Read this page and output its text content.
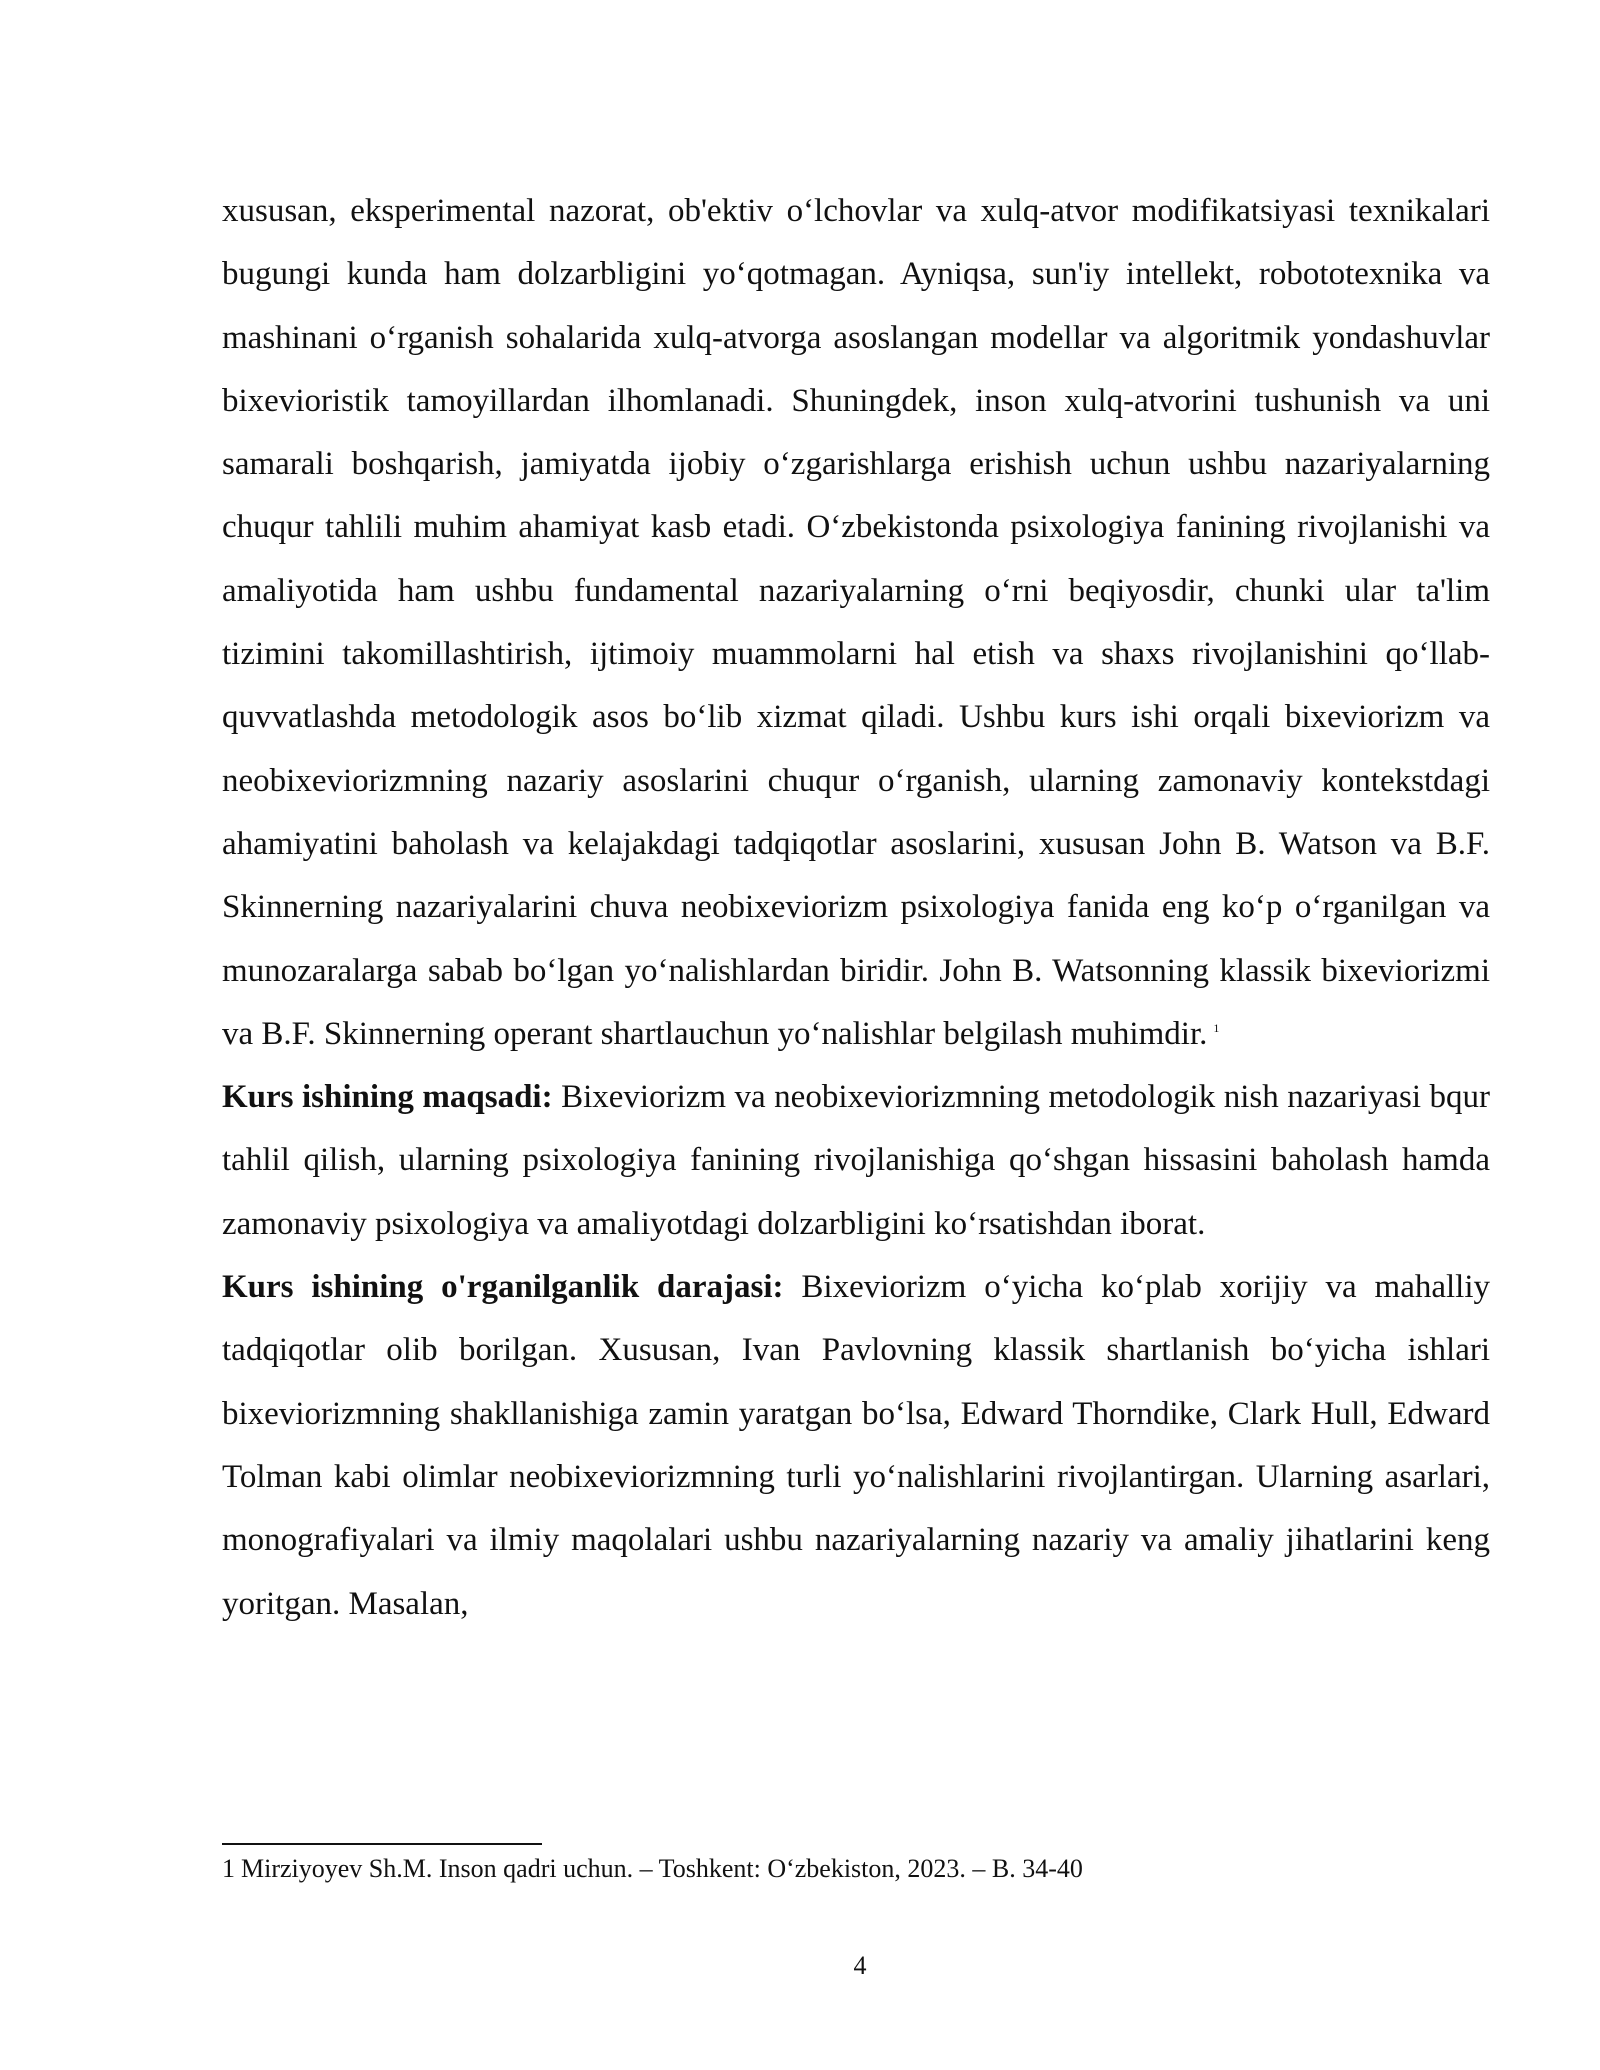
xususan, eksperimental nazorat, ob'ektiv oʻlchovlar va xulq-atvor modifikatsiyasi texnikalari bugungi kunda ham dolzarbligini yoʻqotmagan. Ayniqsa, sun'iy intellekt, robototexnika va mashinani oʻrganish sohalarida xulq-atvorga asoslangan modellar va algoritmik yondashuvlar bixevioristik tamoyillardan ilhomlanadi. Shuningdek, inson xulq-atvorini tushunish va uni samarali boshqarish, jamiyatda ijobiy oʻzgarishlarga erishish uchun ushbu nazariyalarning chuqur tahlili muhim ahamiyat kasb etadi. Oʻzbekistonda psixologiya fanining rivojlanishi va amaliyotida ham ushbu fundamental nazariyalarning oʻrni beqiyosdir, chunki ular ta'lim tizimini takomillashtirish, ijtimoiy muammolarni hal etish va shaxs rivojlanishini qoʻllab-quvvatlashda metodologik asos boʻlib xizmat qiladi. Ushbu kurs ishi orqali bixeviorizm va neobixeviorizmning nazariy asoslarini chuqur oʻrganish, ularning zamonaviy kontekstdagi ahamiyatini baholash va kelajakdagi tadqiqotlar asoslarini, xususan John B. Watson va B.F. Skinnerning nazariyalarini chuva neobixeviorizm psixologiya fanida eng koʻp oʻrganilgan va munozaralarga sabab boʻlgan yoʻnalishlardan biridir. John B. Watsonning klassik bixeviorizmi va B.F. Skinnerning operant shartlauchun yoʻnalishlar belgilash muhimdir. $^1$

Kurs ishining maqsadi: Bixeviorizm va neobixeviorizmning metodologik nish nazariyasi bqur tahlil qilish, ularning psixologiya fanining rivojlanishiga qoʻshgan hissasini baholash hamda zamonaviy psixologiya va amaliyotdagi dolzarbligini koʻrsatishdan iborat.

Kurs ishining o'rganilganlik darajasi: Bixeviorizm oʻyicha koʻplab xorijiy va mahalliy tadqiqotlar olib borilgan. Xususan, Ivan Pavlovning klassik shartlanish boʻyicha ishlari bixeviorizmning shakllanishiga zamin yaratgan boʻlsa, Edward Thorndike, Clark Hull, Edward Tolman kabi olimlar neobixeviorizmning turli yoʻnalishlarini rivojlantirgan. Ularning asarlari, monografiyalari va ilmiy maqolalari ushbu nazariyalarning nazariy va amaliy jihatlarini keng yoritgan. Masalan,

1 Mirziyoyev Sh.M. Inson qadri uchun. – Toshkent: Oʻzbekiston, 2023. – B. 34-40
4
